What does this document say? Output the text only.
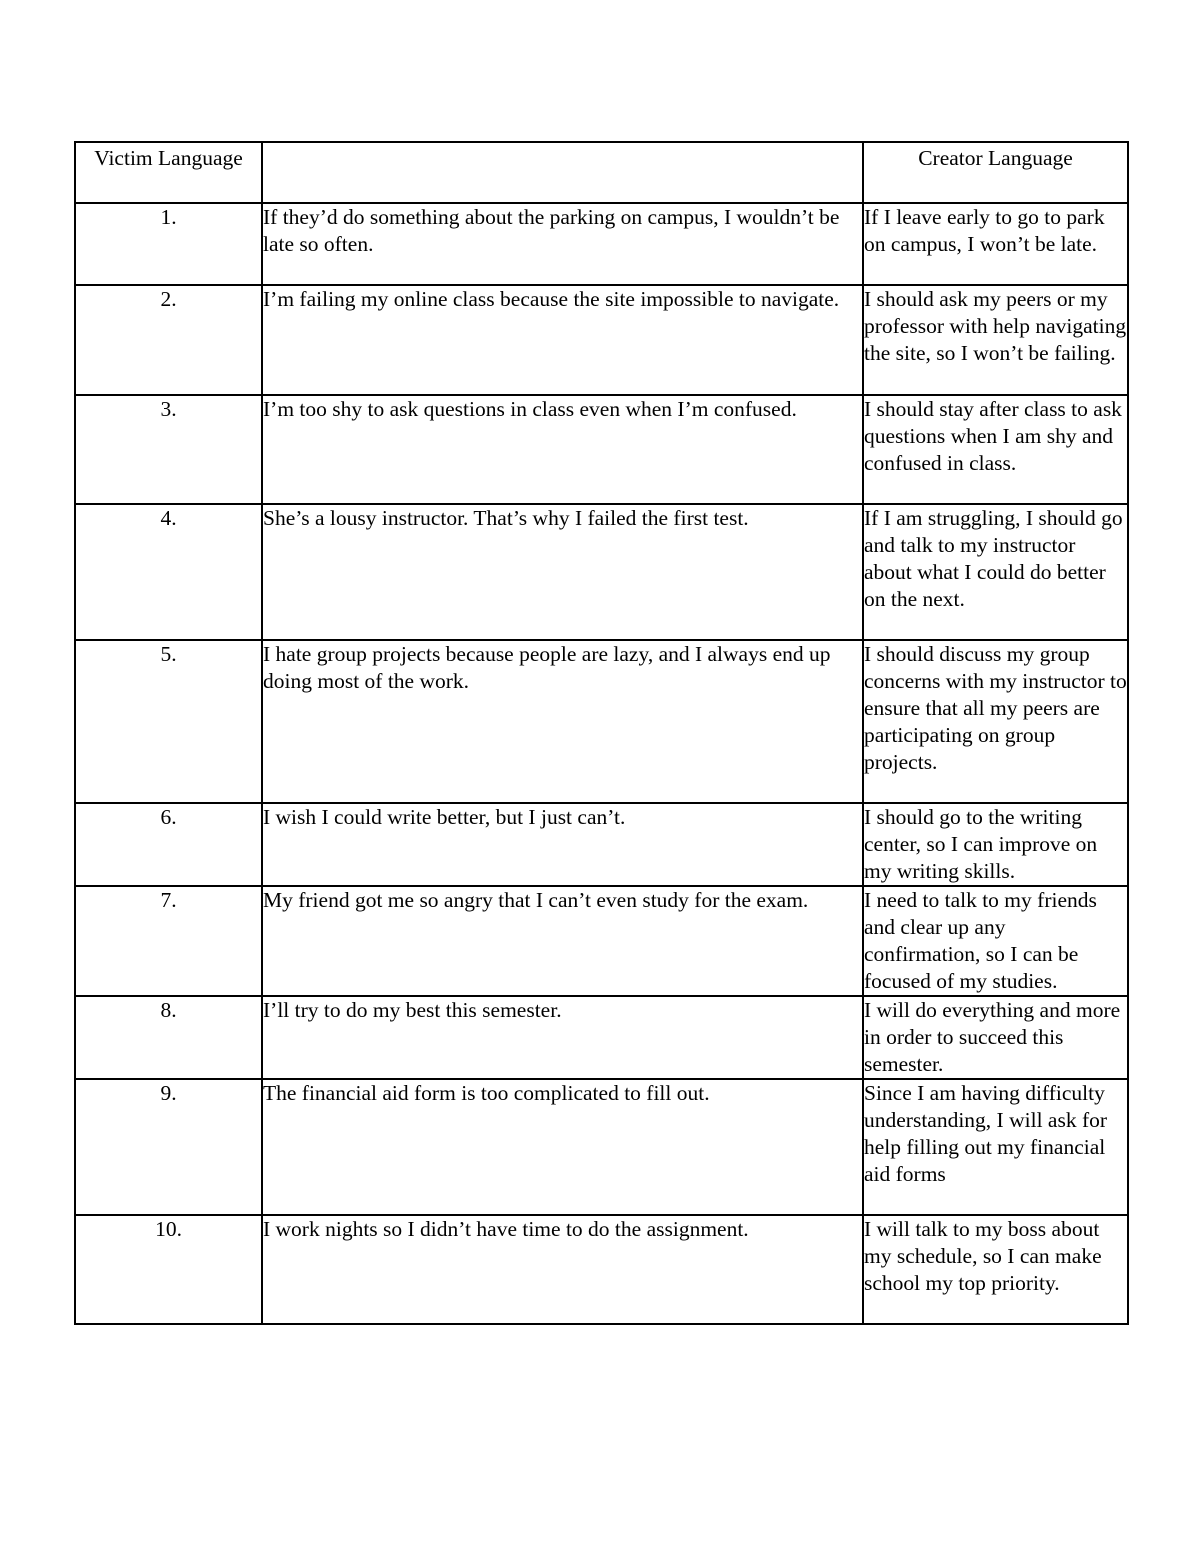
Victim Language		Creator Language
1.	If they’d do something about the parking on campus, I wouldn’t be late so often.	If I leave early to go to park on campus, I won’t be late.
2.	I’m failing my online class because the site impossible to navigate.	I should ask my peers or my professor with help navigating the site, so I won’t be failing.
3.	I’m too shy to ask questions in class even when I’m confused.	I should stay after class to ask questions when I am shy and confused in class.
4.	She’s a lousy instructor. That’s why I failed the first test.	If I am struggling, I should go and talk to my instructor about what I could do better on the next.
5.	I hate group projects because people are lazy, and I always end up doing most of the work.	I should discuss my group concerns with my instructor to ensure that all my peers are participating on group projects.
6.	I wish I could write better, but I just can’t.	I should go to the writing center, so I can improve on my writing skills.
7.	My friend got me so angry that I can’t even study for the exam.	I need to talk to my friends and clear up any confirmation, so I can be focused of my studies.
8.	I’ll try to do my best this semester.	I will do everything and more in order to succeed this semester.
9.	The financial aid form is too complicated to fill out.	Since I am having difficulty understanding, I will ask for help filling out my financial aid forms
10.	I work nights so I didn’t have time to do the assignment.	I will talk to my boss about my schedule, so I can make school my top priority.
